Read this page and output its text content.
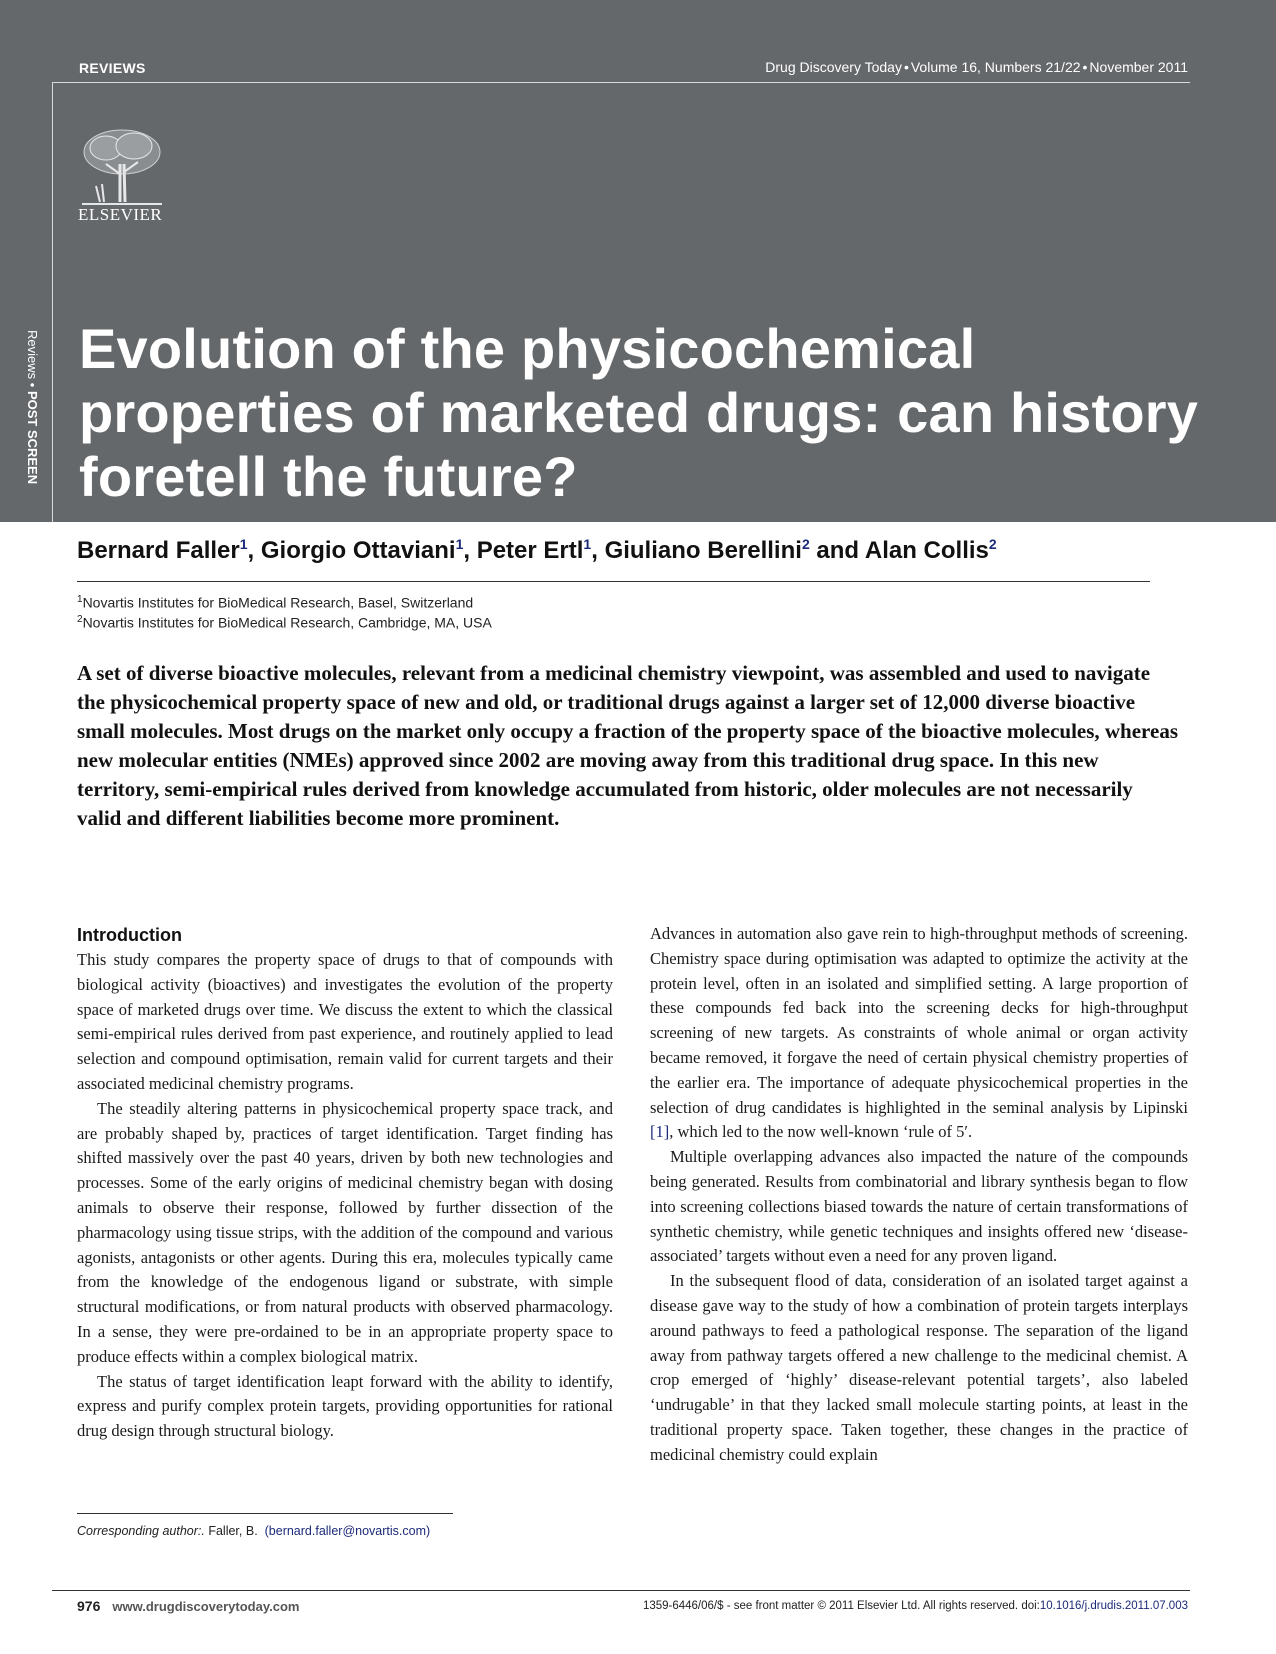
REVIEWS	Drug Discovery Today • Volume 16, Numbers 21/22 • November 2011
ELSEVIER
Reviews • POST SCREEN
Evolution of the physicochemical properties of marketed drugs: can history foretell the future?

Bernard Faller$^1$, Giorgio Ottaviani$^1$, Peter Ertl$^1$, Giuliano Berellini$^2$ and Alan Collis$^2$

$^1$Novartis Institutes for BioMedical Research, Basel, Switzerland
$^2$Novartis Institutes for BioMedical Research, Cambridge, MA, USA

A set of diverse bioactive molecules, relevant from a medicinal chemistry viewpoint, was assembled and used to navigate the physicochemical property space of new and old, or traditional drugs against a larger set of 12,000 diverse bioactive small molecules. Most drugs on the market only occupy a fraction of the property space of the bioactive molecules, whereas new molecular entities (NMEs) approved since 2002 are moving away from this traditional drug space. In this new territory, semi-empirical rules derived from knowledge accumulated from historic, older molecules are not necessarily valid and different liabilities become more prominent.

Introduction

This study compares the property space of drugs to that of compounds with biological activity (bioactives) and investigates the evolution of the property space of marketed drugs over time. We discuss the extent to which the classical semi-empirical rules derived from past experience, and routinely applied to lead selection and compound optimisation, remain valid for current targets and their associated medicinal chemistry programs.

The steadily altering patterns in physicochemical property space track, and are probably shaped by, practices of target identification. Target finding has shifted massively over the past 40 years, driven by both new technologies and processes. Some of the early origins of medicinal chemistry began with dosing animals to observe their response, followed by further dissection of the pharmacology using tissue strips, with the addition of the compound and various agonists, antagonists or other agents. During this era, molecules typically came from the knowledge of the endogenous ligand or substrate, with simple structural modifications, or from natural products with observed pharmacology. In a sense, they were pre-ordained to be in an appropriate property space to produce effects within a complex biological matrix.

The status of target identification leapt forward with the ability to identify, express and purify complex protein targets, providing opportunities for rational drug design through structural biology.

Advances in automation also gave rein to high-throughput methods of screening. Chemistry space during optimisation was adapted to optimize the activity at the protein level, often in an isolated and simplified setting. A large proportion of these compounds fed back into the screening decks for high-throughput screening of new targets. As constraints of whole animal or organ activity became removed, it forgave the need of certain physical chemistry properties of the earlier era. The importance of adequate physicochemical properties in the selection of drug candidates is highlighted in the seminal analysis by Lipinski [1], which led to the now well-known ‘rule of 5′.

Multiple overlapping advances also impacted the nature of the compounds being generated. Results from combinatorial and library synthesis began to flow into screening collections biased towards the nature of certain transformations of synthetic chemistry, while genetic techniques and insights offered new ‘disease-associated’ targets without even a need for any proven ligand.

In the subsequent flood of data, consideration of an isolated target against a disease gave way to the study of how a combination of protein targets interplays around pathways to feed a pathological response. The separation of the ligand away from pathway targets offered a new challenge to the medicinal chemist. A crop emerged of ‘highly’ disease-relevant potential targets’, also labeled ‘undrugable’ in that they lacked small molecule starting points, at least in the traditional property space. Taken together, these changes in the practice of medicinal chemistry could explain

Corresponding author:. Faller, B. (bernard.faller@novartis.com)
976 www.drugdiscoverytoday.com	1359-6446/06/$ - see front matter © 2011 Elsevier Ltd. All rights reserved. doi:10.1016/j.drudis.2011.07.003
